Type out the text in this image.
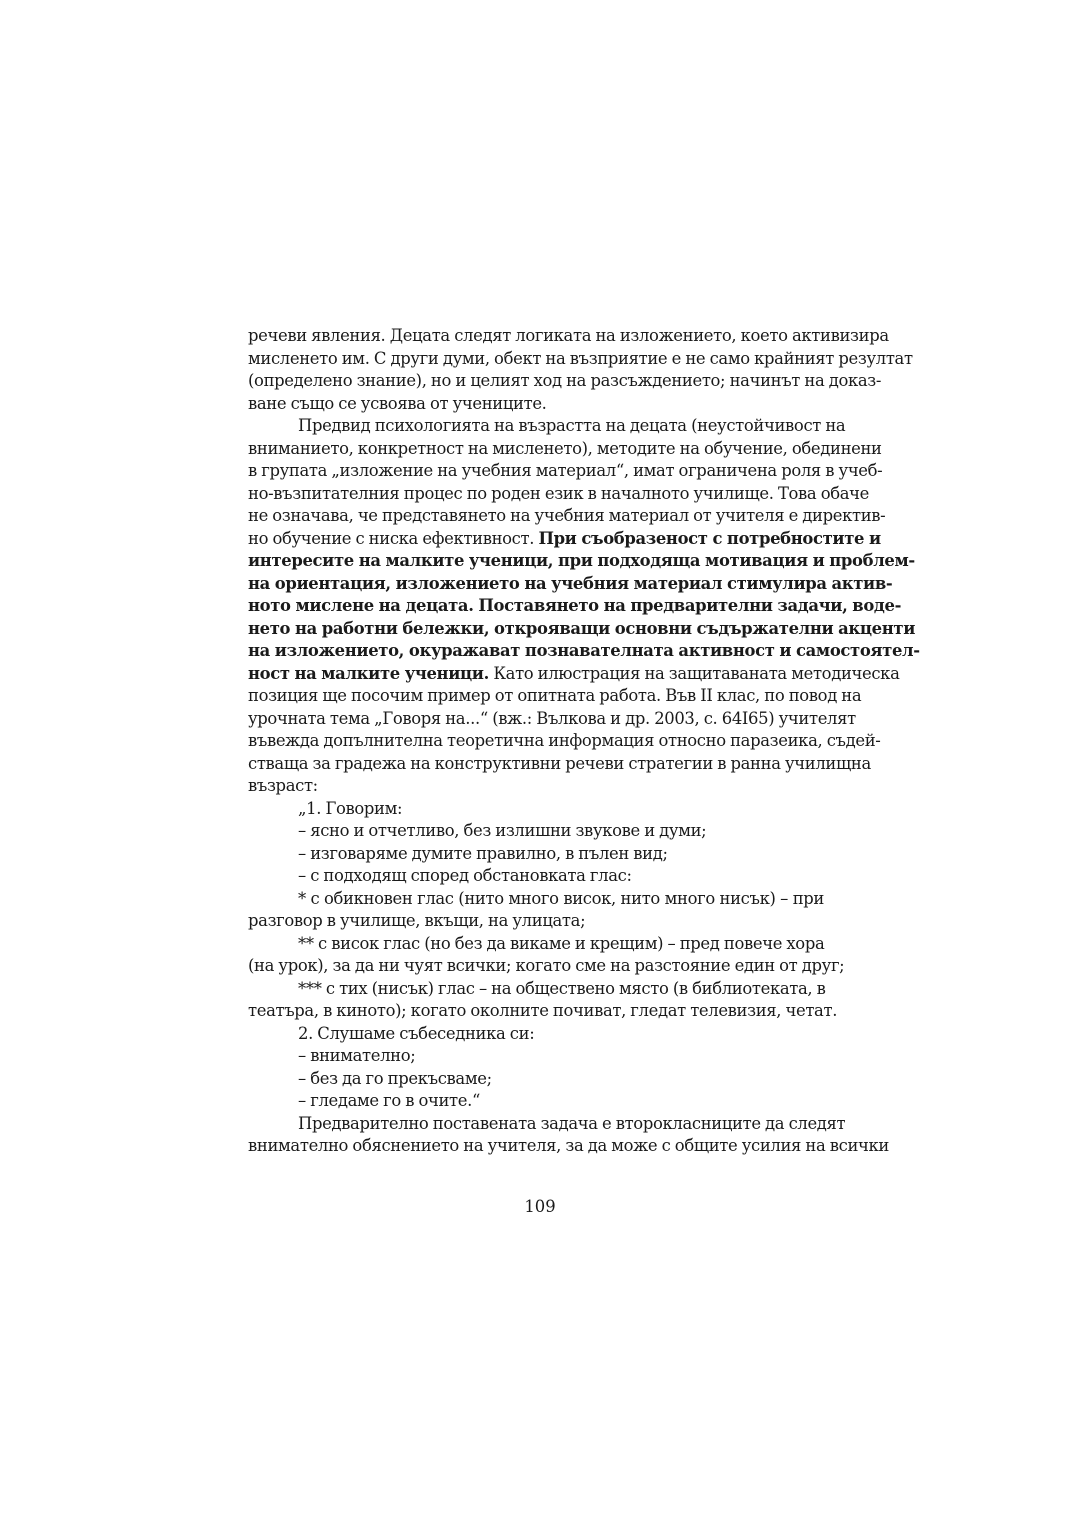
речеви явления. Децата следят логиката на изложението, което активизира
мисленето им. С други думи, обект на възприятие е не само крайният резултат
(определено знание), но и целият ход на разсъждението; начинът на доказ-
ване също се усвоява от учениците.
Предвид психологията на възрастта на децата (неустойчивост на
вниманието, конкретност на мисленето), методите на обучение, обединени
в групата „изложение на учебния материал“, имат ограничена роля в учеб-
но-възпитателния процес по роден език в началното училище. Това обаче
не означава, че представянето на учебния материал от учителя е директив-
но обучение с ниска ефективност. При съобразеност с потребностите и
интересите на малките ученици, при подходяща мотивация и проблем-
на ориентация, изложението на учебния материал стимулира актив-
ното мислене на децата. Поставянето на предварителни задачи, воде-
нето на работни бележки, открояващи основни съдържателни акценти
на изложението, окуражават познавателната активност и самостоятел-
ност на малките ученици. Като илюстрация на защитаваната методическа
позиция ще посочим пример от опитната работа. Във II клас, по повод на
урочната тема „Говоря на...“ (вж.: Вълкова и др. 2003, с. 64І65) учителят
въвежда допълнителна теоретична информация относно паразеика, съдей-
стваща за градежа на конструктивни речеви стратегии в ранна училищна
възраст:
„1. Говорим:
– ясно и отчетливо, без излишни звукове и думи;
– изговаряме думите правилно, в пълен вид;
– с подходящ според обстановката глас:
* с обикновен глас (нито много висок, нито много нисък) – при
разговор в училище, вкъщи, на улицата;
** с висок глас (но без да викаме и крещим) – пред повече хора
(на урок), за да ни чуят всички; когато сме на разстояние един от друг;
*** с тих (нисък) глас – на обществено място (в библиотеката, в
театъра, в киното); когато околните почиват, гледат телевизия, четат.
2. Слушаме събеседника си:
– внимателно;
– без да го прекъсваме;
– гледаме го в очите.“
Предварително поставената задача е второкласниците да следят
внимателно обяснението на учителя, за да може с общите усилия на всички
109
